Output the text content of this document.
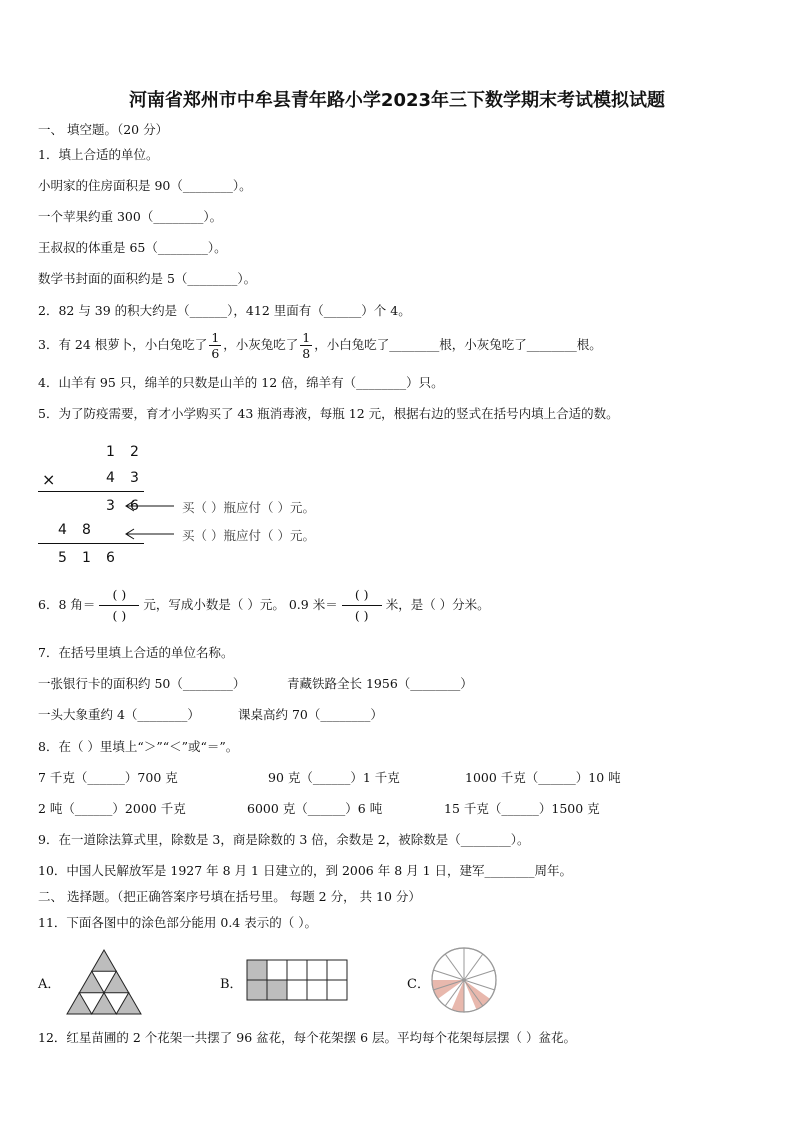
河南省郑州市中牟县青年路小学2023年三下数学期末考试模拟试题
一、 填空题。（20 分）
1．填上合适的单位。
小明家的住房面积是 90（________）。
一个苹果约重 300（________）。
王叔叔的体重是 65（________）。
数学书封面的面积约是 5（________）。
2．82 与 39 的积大约是（______），412 里面有（______）个 4。
3．有 24 根萝卜，小白兔吃了 $\frac{1}{6}$ ，小灰兔吃了 $\frac{1}{8}$ ，小白兔吃了________根，小灰兔吃了________根。
4．山羊有 95 只，绵羊的只数是山羊的 12 倍，绵羊有（________）只。
5．为了防疫需要，育才小学购买了 43 瓶消毒液，每瓶 12 元，根据右边的竖式在括号内填上合适的数。
1 2
×	4 3
3 6
4 8
5 1 6
买（ ）瓶应付（ ）元。
买（ ）瓶应付（ ）元。
6．8 角＝ $\frac{( )}{( )}$ 元，写成小数是（ ）元。 0.9 米＝ $\frac{( )}{( )}$ 米，是（ ）分米。
7．在括号里填上合适的单位名称。
一张银行卡的面积约 50（________）	青藏铁路全长 1956（________）
一头大象重约 4（________）	课桌高约 70（________）
8．在（ ）里填上“＞”“＜”或“＝”。
7 千克（______）700 克	90 克（______）1 千克	1000 千克（______）10 吨
2 吨（______）2000 千克	6000 克（______）6 吨	15 千克（______）1500 克
9．在一道除法算式里，除数是 3，商是除数的 3 倍，余数是 2，被除数是（________）。
10．中国人民解放军是 1927 年 8 月 1 日建立的，到 2006 年 8 月 1 日，建军________周年。
二、 选择题。（把正确答案序号填在括号里。 每题 2 分， 共 10 分）
11．下面各图中的涂色部分能用 0.4 表示的（ ）。
A．	B．	C．
12．红星苗圃的 2 个花架一共摆了 96 盆花，每个花架摆 6 层。平均每个花架每层摆（ ）盆花。
